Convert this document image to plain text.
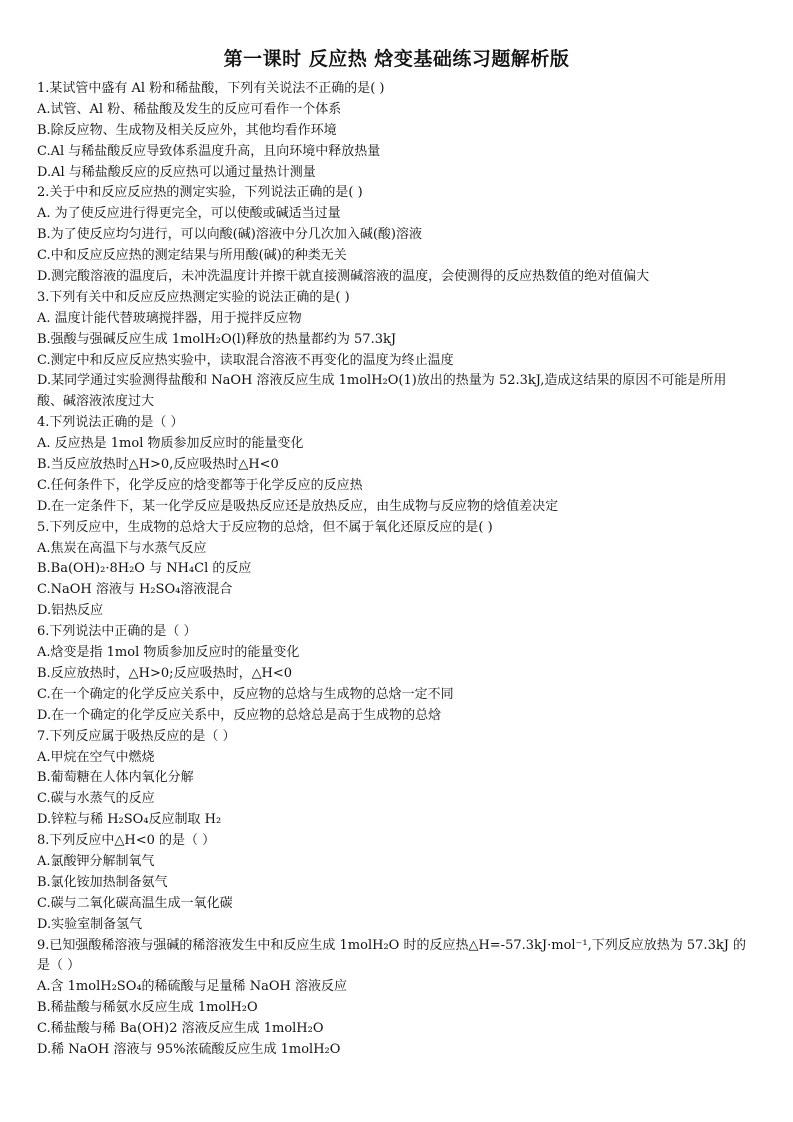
第一课时 反应热 焓变基础练习题解析版
1.某试管中盛有 Al 粉和稀盐酸，下列有关说法不正确的是( )
A.试管、Al 粉、稀盐酸及发生的反应可看作一个体系
B.除反应物、生成物及相关反应外，其他均看作环境
C.Al 与稀盐酸反应导致体系温度升高，且向环境中释放热量
D.Al 与稀盐酸反应的反应热可以通过量热计测量
2.关于中和反应反应热的测定实验，下列说法正确的是( )
A. 为了使反应进行得更完全，可以使酸或碱适当过量
B.为了使反应均匀进行，可以向酸(碱)溶液中分几次加入碱(酸)溶液
C.中和反应反应热的测定结果与所用酸(碱)的种类无关
D.测完酸溶液的温度后，未冲洗温度计并擦干就直接测碱溶液的温度，会使测得的反应热数值的绝对值偏大
3.下列有关中和反应反应热测定实验的说法正确的是( )
A. 温度计能代替玻璃搅拌器，用于搅拌反应物
B.强酸与强碱反应生成 1molH₂O(l)释放的热量都约为 57.3kJ
C.测定中和反应反应热实验中，读取混合溶液不再变化的温度为终止温度
D.某同学通过实验测得盐酸和 NaOH 溶液反应生成 1molH₂O(1)放出的热量为 52.3kJ,造成这结果的原因不可能是所用
酸、碱溶液浓度过大
4.下列说法正确的是（ ）
A. 反应热是 1mol 物质参加反应时的能量变化
B.当反应放热时△H>0,反应吸热时△H<0
C.任何条件下，化学反应的焓变都等于化学反应的反应热
D.在一定条件下，某一化学反应是吸热反应还是放热反应，由生成物与反应物的焓值差决定
5.下列反应中，生成物的总焓大于反应物的总焓，但不属于氧化还原反应的是( )
A.焦炭在高温下与水蒸气反应
B.Ba(OH)₂·8H₂O 与 NH₄Cl 的反应
C.NaOH 溶液与 H₂SO₄溶液混合
D.铝热反应
6.下列说法中正确的是（ ）
A.焓变是指 1mol 物质参加反应时的能量变化
B.反应放热时，△H>0;反应吸热时，△H<0
C.在一个确定的化学反应关系中，反应物的总焓与生成物的总焓一定不同
D.在一个确定的化学反应关系中，反应物的总焓总是高于生成物的总焓
7.下列反应属于吸热反应的是（ ）
A.甲烷在空气中燃烧
B.葡萄糖在人体内氧化分解
C.碳与水蒸气的反应
D.锌粒与稀 H₂SO₄反应制取 H₂
8.下列反应中△H<0 的是（ ）
A.氯酸钾分解制氧气
B.氯化铵加热制备氨气
C.碳与二氧化碳高温生成一氧化碳
D.实验室制备氢气
9.已知强酸稀溶液与强碱的稀溶液发生中和反应生成 1molH₂O 时的反应热△H=-57.3kJ·mol⁻¹,下列反应放热为 57.3kJ 的
是（ ）
A.含 1molH₂SO₄的稀硫酸与足量稀 NaOH 溶液反应
B.稀盐酸与稀氨水反应生成 1molH₂O
C.稀盐酸与稀 Ba(OH)2 溶液反应生成 1molH₂O
D.稀 NaOH 溶液与 95%浓硫酸反应生成 1molH₂O
